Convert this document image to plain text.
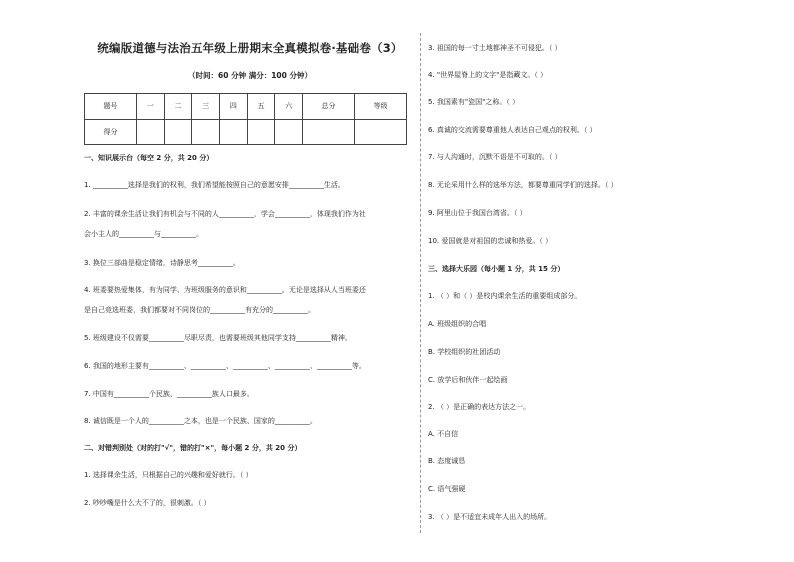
统编版道德与法治五年级上册期末全真模拟卷·基础卷（3）
（时间：60 分钟 满分：100 分钟）
题号	一	二	三	四	五	六	总分	等级
得分								
一、知识展示台（每空 2 分，共 20 分）
1. __________选择是我们的权利，我们希望能按照自己的意愿安排__________生活。
2. 丰富的课余生活让我们有机会与不同的人__________，学会__________，体现我们作为社
会小主人的__________与__________。
3. 换位三部曲是稳定情绪，诗静思考__________。
4. 班委要热爱集体，有为同学、为班级服务的意识和__________。无论是选择从人当班委还
是自己竞选班委，我们都要对不同岗位的__________有充分的__________。
5. 班级建设不仅需要__________尽职尽责，也需要班级其他同学支持__________精神。
6. 我国的地形主要有__________、__________、__________、__________、__________等。
7. 中国有__________个民族，__________族人口最多。
8. 诚信既是一个人的__________之本，也是一个民族、国家的__________。
二、对错判别处（对的打"√"，错的打"×"，每小题 2 分，共 20 分）
1. 选择课余生活，只根据自己的兴趣和爱好就行。（ ）
2. 吵吵嘴是什么大不了的，很刺激。（ ）
3. 祖国的每一寸土地都神圣不可侵犯。（ ）
4. "世界屋脊上的文字"是指藏文。（ ）
5. 我国素有"瓷国"之称。（ ）
6. 真诚的交流需要尊重他人表达自己观点的权利。（ ）
7. 与人沟通时，沉默不语是不可取的。（ ）
8. 无论采用什么样的选举方法，都要尊重同学们的选择。（ ）
9. 阿里山位于我国台湾省。（ ）
10. 爱国就是对祖国的忠诚和热爱。（ ）
三、选择大乐园（每小题 1 分，共 15 分）
1. （ ）和（ ）是校内课余生活的重要组成部分。
A. 班级组织的合唱
B. 学校组织的社团活动
C. 放学后和伙伴一起绘画
2. （ ）是正确的表达方法之一。
A. 不自信
B. 态度诚恳
C. 语气强硬
3. （ ）是不适宜未成年人出入的场所。
